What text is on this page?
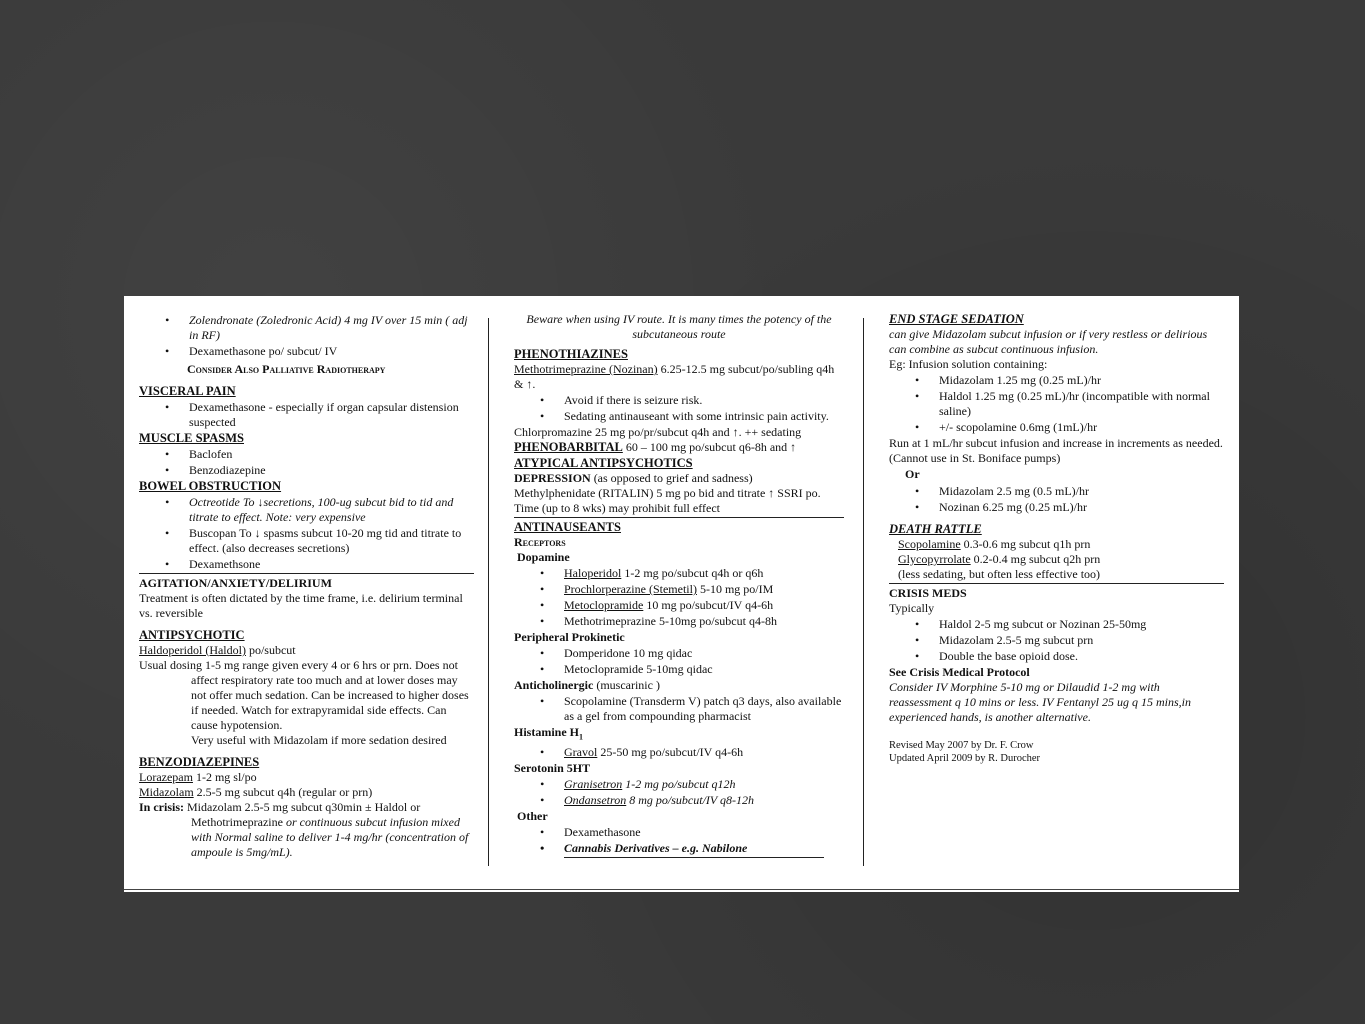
• Zolendronate (Zoledronic Acid) 4 mg IV over 15 min ( adj in RF)
• Dexamethasone po/ subcut/ IV
Consider Also Palliative Radiotherapy
VISCERAL PAIN
• Dexamethasone - especially if organ capsular distension suspected
MUSCLE SPASMS
• Baclofen
• Benzodiazepine
BOWEL OBSTRUCTION
• Octreotide To ↓secretions, 100-ug subcut bid to tid and titrate to effect. Note: very expensive
• Buscopan To ↓ spasms subcut 10-20 mg tid and titrate to effect. (also decreases secretions)
• Dexamethsone
AGITATION/ANXIETY/DELIRIUM
Treatment is often dictated by the time frame, i.e. delirium terminal vs. reversible
ANTIPSYCHOTIC
Haldoperidol (Haldol) po/subcut
Usual dosing 1-5 mg range given every 4 or 6 hrs or prn. Does not affect respiratory rate too much and at lower doses may not offer much sedation. Can be increased to higher doses if needed. Watch for extrapyramidal side effects. Can cause hypotension.
Very useful with Midazolam if more sedation desired
BENZODIAZEPINES
Lorazepam 1-2 mg sl/po
Midazolam 2.5-5 mg subcut q4h (regular or prn)
In crisis: Midazolam 2.5-5 mg subcut q30min ± Haldol or Methotrimeprazine or continuous subcut infusion mixed with Normal saline to deliver 1-4 mg/hr (concentration of ampoule is 5mg/mL).
Beware when using IV route. It is many times the potency of the subcutaneous route
PHENOTHIAZINES
Methotrimeprazine (Nozinan) 6.25-12.5 mg subcut/po/subling q4h & ↑.
• Avoid if there is seizure risk.
• Sedating antinauseant with some intrinsic pain activity.
Chlorpromazine 25 mg po/pr/subcut q4h and ↑. ++ sedating
PHENOBARBITAL 60 – 100 mg po/subcut q6-8h and ↑
ATYPICAL ANTIPSYCHOTICS
DEPRESSION (as opposed to grief and sadness)
Methylphenidate (RITALIN) 5 mg po bid and titrate ↑ SSRI po. Time (up to 8 wks) may prohibit full effect
ANTINAUSEANTS
Receptors
Dopamine
• Haloperidol 1-2 mg po/subcut q4h or q6h
• Prochlorperazine (Stemetil) 5-10 mg po/IM
• Metoclopramide 10 mg po/subcut/IV q4-6h
• Methotrimeprazine 5-10mg po/subcut q4-8h
Peripheral Prokinetic
• Domperidone 10 mg qidac
• Metoclopramide 5-10mg qidac
Anticholinergic (muscarinic )
• Scopolamine (Transderm V) patch q3 days, also available as a gel from compounding pharmacist
Histamine $H_1$
• Gravol 25-50 mg po/subcut/IV q4-6h
Serotonin 5HT
• Granisetron 1-2 mg po/subcut q12h
• Ondansetron 8 mg po/subcut/IV q8-12h
Other
• Dexamethasone
• Cannabis Derivatives – e.g. Nabilone
END STAGE SEDATION
can give Midazolam subcut infusion or if very restless or delirious can combine as subcut continuous infusion.
Eg: Infusion solution containing:
• Midazolam 1.25 mg (0.25 mL)/hr
• Haldol 1.25 mg (0.25 mL)/hr (incompatible with normal saline)
• +/- scopolamine 0.6mg (1mL)/hr
Run at 1 mL/hr subcut infusion and increase in increments as needed. (Cannot use in St. Boniface pumps)
Or
• Midazolam 2.5 mg (0.5 mL)/hr
• Nozinan 6.25 mg (0.25 mL)/hr
DEATH RATTLE
Scopolamine 0.3-0.6 mg subcut q1h prn
Glycopyrrolate 0.2-0.4 mg subcut q2h prn
(less sedating, but often less effective too)
CRISIS MEDS
Typically
• Haldol 2-5 mg subcut or Nozinan 25-50mg
• Midazolam 2.5-5 mg subcut prn
• Double the base opioid dose.
See Crisis Medical Protocol
Consider IV Morphine 5-10 mg or Dilaudid 1-2 mg with reassessment q 10 mins or less. IV Fentanyl 25 ug q 15 mins,in experienced hands, is another alternative.
Revised May 2007 by Dr. F. Crow
Updated April 2009 by R. Durocher
